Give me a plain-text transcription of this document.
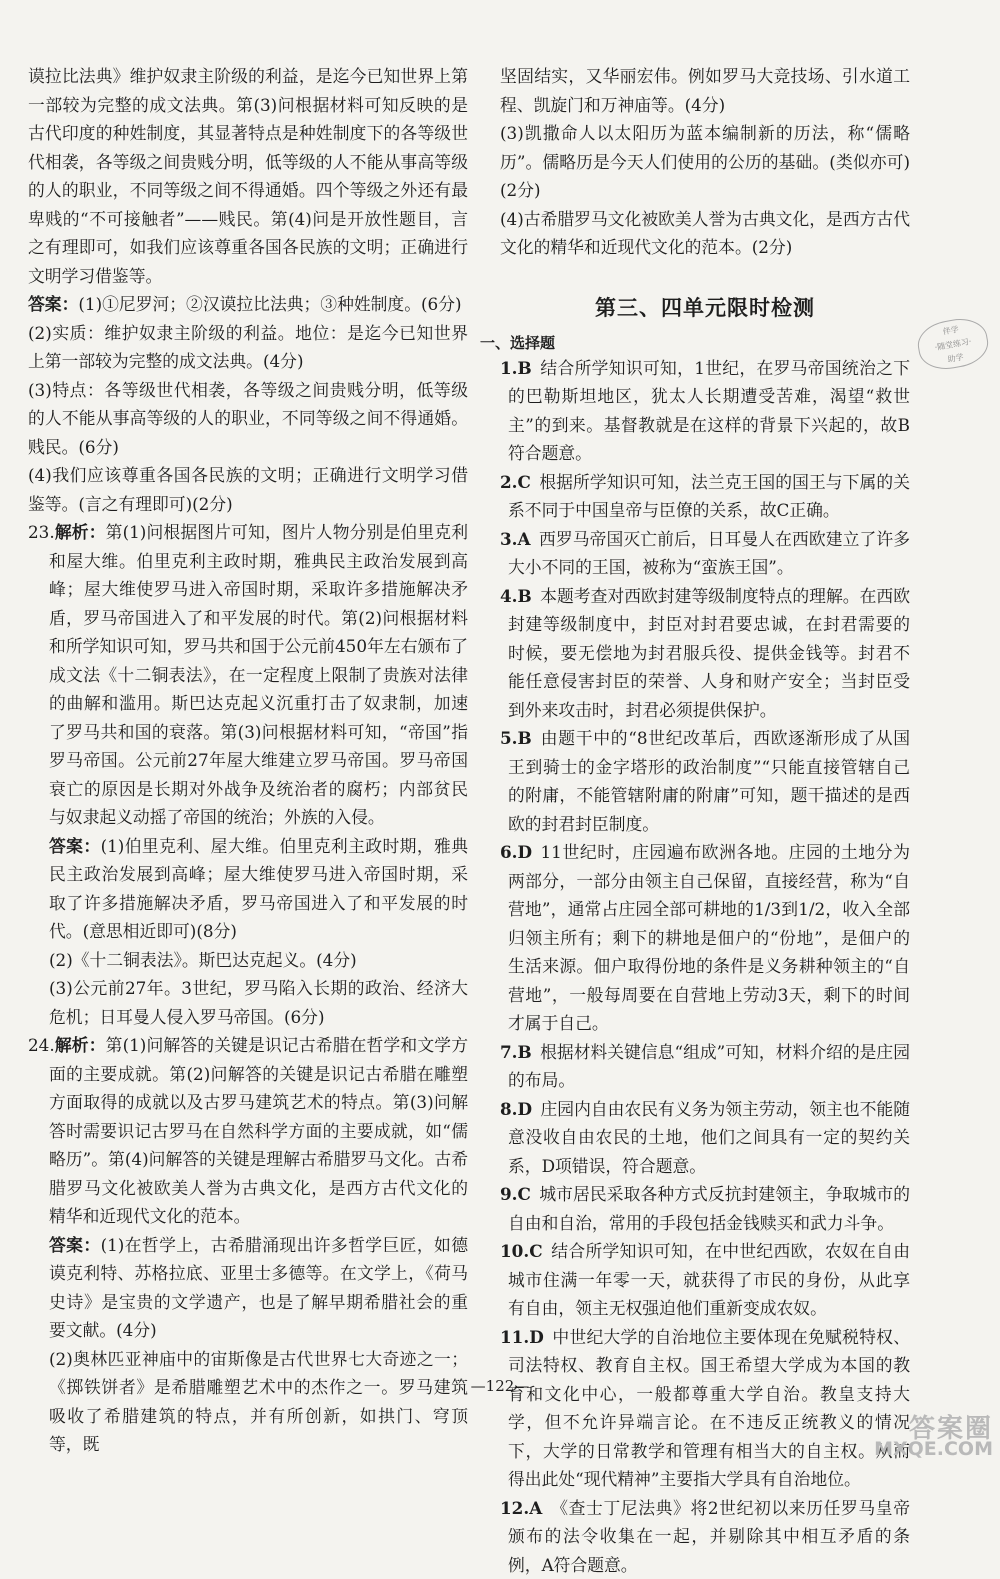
谟拉比法典》维护奴隶主阶级的利益，是迄今已知世界上第一部较为完整的成文法典。第(3)问根据材料可知反映的是古代印度的种姓制度，其显著特点是种姓制度下的各等级世代相袭，各等级之间贵贱分明，低等级的人不能从事高等级的人的职业，不同等级之间不得通婚。四个等级之外还有最卑贱的“不可接触者”——贱民。第(4)问是开放性题目，言之有理即可，如我们应该尊重各国各民族的文明；正确进行文明学习借鉴等。

答案：(1)①尼罗河；②汉谟拉比法典；③种姓制度。(6分)

(2)实质：维护奴隶主阶级的利益。地位：是迄今已知世界上第一部较为完整的成文法典。(4分)

(3)特点：各等级世代相袭，各等级之间贵贱分明，低等级的人不能从事高等级的人的职业，不同等级之间不得通婚。贱民。(6分)

(4)我们应该尊重各国各民族的文明；正确进行文明学习借鉴等。(言之有理即可)(2分)

23.解析：第(1)问根据图片可知，图片人物分别是伯里克利和屋大维。伯里克利主政时期，雅典民主政治发展到高峰；屋大维使罗马进入帝国时期，采取许多措施解决矛盾，罗马帝国进入了和平发展的时代。第(2)问根据材料和所学知识可知，罗马共和国于公元前450年左右颁布了成文法《十二铜表法》，在一定程度上限制了贵族对法律的曲解和滥用。斯巴达克起义沉重打击了奴隶制，加速了罗马共和国的衰落。第(3)问根据材料可知，“帝国”指罗马帝国。公元前27年屋大维建立罗马帝国。罗马帝国衰亡的原因是长期对外战争及统治者的腐朽；内部贫民与奴隶起义动摇了帝国的统治；外族的入侵。

答案：(1)伯里克利、屋大维。伯里克利主政时期，雅典民主政治发展到高峰；屋大维使罗马进入帝国时期，采取了许多措施解决矛盾，罗马帝国进入了和平发展的时代。(意思相近即可)(8分)

(2)《十二铜表法》。斯巴达克起义。(4分)

(3)公元前27年。3世纪，罗马陷入长期的政治、经济大危机；日耳曼人侵入罗马帝国。(6分)

24.解析：第(1)问解答的关键是识记古希腊在哲学和文学方面的主要成就。第(2)问解答的关键是识记古希腊在雕塑方面取得的成就以及古罗马建筑艺术的特点。第(3)问解答时需要识记古罗马在自然科学方面的主要成就，如“儒略历”。第(4)问解答的关键是理解古希腊罗马文化。古希腊罗马文化被欧美人誉为古典文化，是西方古代文化的精华和近现代文化的范本。

答案：(1)在哲学上，古希腊涌现出许多哲学巨匠，如德谟克利特、苏格拉底、亚里士多德等。在文学上，《荷马史诗》是宝贵的文学遗产，也是了解早期希腊社会的重要文献。(4分)

(2)奥林匹亚神庙中的宙斯像是古代世界七大奇迹之一；《掷铁饼者》是希腊雕塑艺术中的杰作之一。罗马建筑吸收了希腊建筑的特点，并有所创新，如拱门、穹顶等，既

坚固结实，又华丽宏伟。例如罗马大竞技场、引水道工程、凯旋门和万神庙等。(4分)

(3)凯撒命人以太阳历为蓝本编制新的历法，称“儒略历”。儒略历是今天人们使用的公历的基础。(类似亦可)(2分)

(4)古希腊罗马文化被欧美人誉为古典文化，是西方古代文化的精华和近现代文化的范本。(2分)

第三、四单元限时检测
一、选择题

1.B  结合所学知识可知，1世纪，在罗马帝国统治之下的巴勒斯坦地区，犹太人长期遭受苦难，渴望“救世主”的到来。基督教就是在这样的背景下兴起的，故B符合题意。

2.C  根据所学知识可知，法兰克王国的国王与下属的关系不同于中国皇帝与臣僚的关系，故C正确。

3.A  西罗马帝国灭亡前后，日耳曼人在西欧建立了许多大小不同的王国，被称为“蛮族王国”。

4.B  本题考查对西欧封建等级制度特点的理解。在西欧封建等级制度中，封臣对封君要忠诚，在封君需要的时候，要无偿地为封君服兵役、提供金钱等。封君不能任意侵害封臣的荣誉、人身和财产安全；当封臣受到外来攻击时，封君必须提供保护。

5.B  由题干中的“8世纪改革后，西欧逐渐形成了从国王到骑士的金字塔形的政治制度”“只能直接管辖自己的附庸，不能管辖附庸的附庸”可知，题干描述的是西欧的封君封臣制度。

6.D  11世纪时，庄园遍布欧洲各地。庄园的土地分为两部分，一部分由领主自己保留，直接经营，称为“自营地”，通常占庄园全部可耕地的1/3到1/2，收入全部归领主所有；剩下的耕地是佃户的“份地”，是佃户的生活来源。佃户取得份地的条件是义务耕种领主的“自营地”，一般每周要在自营地上劳动3天，剩下的时间才属于自己。

7.B  根据材料关键信息“组成”可知，材料介绍的是庄园的布局。

8.D  庄园内自由农民有义务为领主劳动，领主也不能随意没收自由农民的土地，他们之间具有一定的契约关系，D项错误，符合题意。

9.C  城市居民采取各种方式反抗封建领主，争取城市的自由和自治，常用的手段包括金钱赎买和武力斗争。

10.C  结合所学知识可知，在中世纪西欧，农奴在自由城市住满一年零一天，就获得了市民的身份，从此享有自由，领主无权强迫他们重新变成农奴。

11.D  中世纪大学的自治地位主要体现在免赋税特权、司法特权、教育自主权。国王希望大学成为本国的教育和文化中心，一般都尊重大学自治。教皇支持大学，但不允许异端言论。在不违反正统教义的情况下，大学的日常教学和管理有相当大的自主权。从而得出此处“现代精神”主要指大学具有自治地位。

12.A  《查士丁尼法典》将2世纪初以来历任罗马皇帝颁布的法令收集在一起，并剔除其中相互矛盾的条例，A符合题意。

伴学
·随堂练习·
助学
—122—
答案圈
MXQE.COM
